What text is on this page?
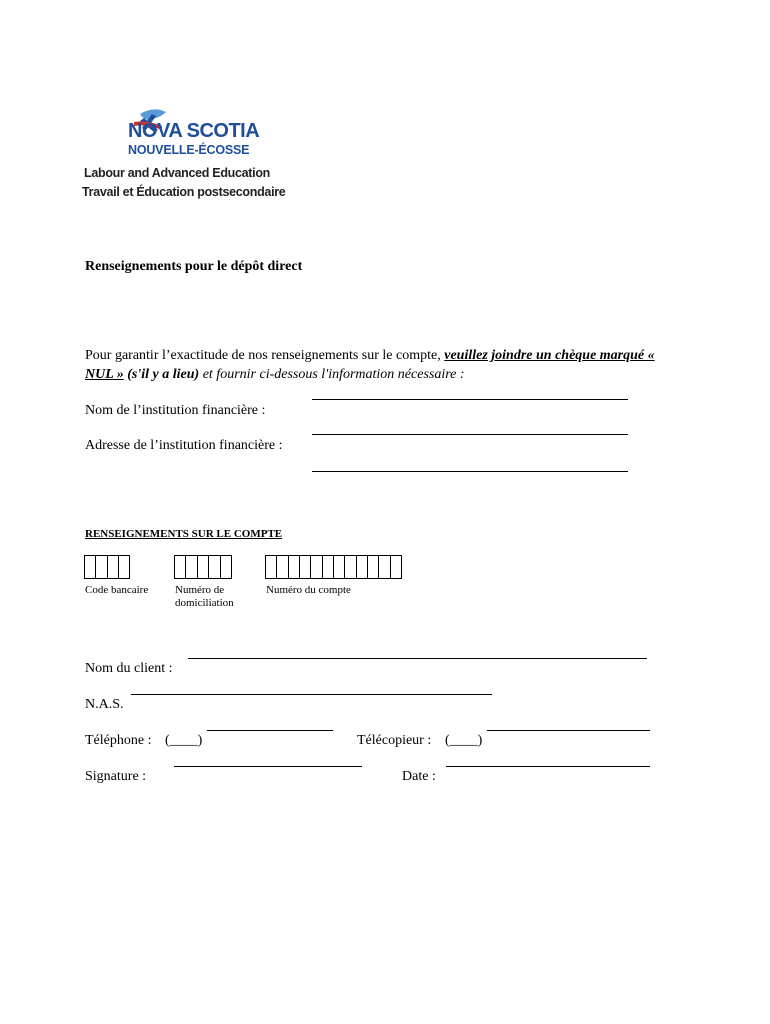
NOVA SCOTIA
NOUVELLE-ÉCOSSE
Labour and Advanced Education
Travail et Éducation postsecondaire
Renseignements pour le dépôt direct
Pour garantir l’exactitude de nos renseignements sur le compte, veuillez joindre un chèque marqué « NUL » (s'il y a lieu) et fournir ci-dessous l'information nécessaire :
Nom de l’institution financière :
Adresse de l’institution financière :
RENSEIGNEMENTS SUR LE COMPTE
Code bancaire Numéro de
domiciliation
Numéro du compte
Nom du client :
N.A.S.
Téléphone : (____)	Télécopieur : (____)
Signature :	Date :
